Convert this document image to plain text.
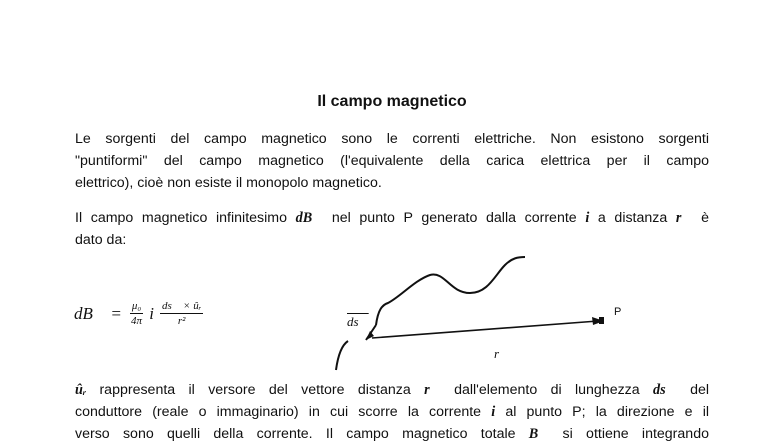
Il campo magnetico
Le sorgenti del campo magnetico sono le correnti elettriche. Non esistono sorgenti
"puntiformi" del campo magnetico (l'equivalente della carica elettrica per il campo
elettrico), cioè non esiste il monopolo magnetico.
Il campo magnetico infinitesimo dB⃗ nel punto P generato dalla corrente i a distanza r⃗ è
dato da:
dB⃗ = $\frac{\text{μ₀}}{4\pi}$ i $\frac{\text{ds⃗ × ûᵣ}}{\text{r²}}$	ds⃗
r⃗
P
ûᵣ rappresenta il versore del vettore distanza r⃗ dall'elemento di lunghezza ds⃗ del
conduttore (reale o immaginario) in cui scorre la corrente i al punto P; la direzione e il
verso sono quelli della corrente. Il campo magnetico totale B⃗ si ottiene integrando
